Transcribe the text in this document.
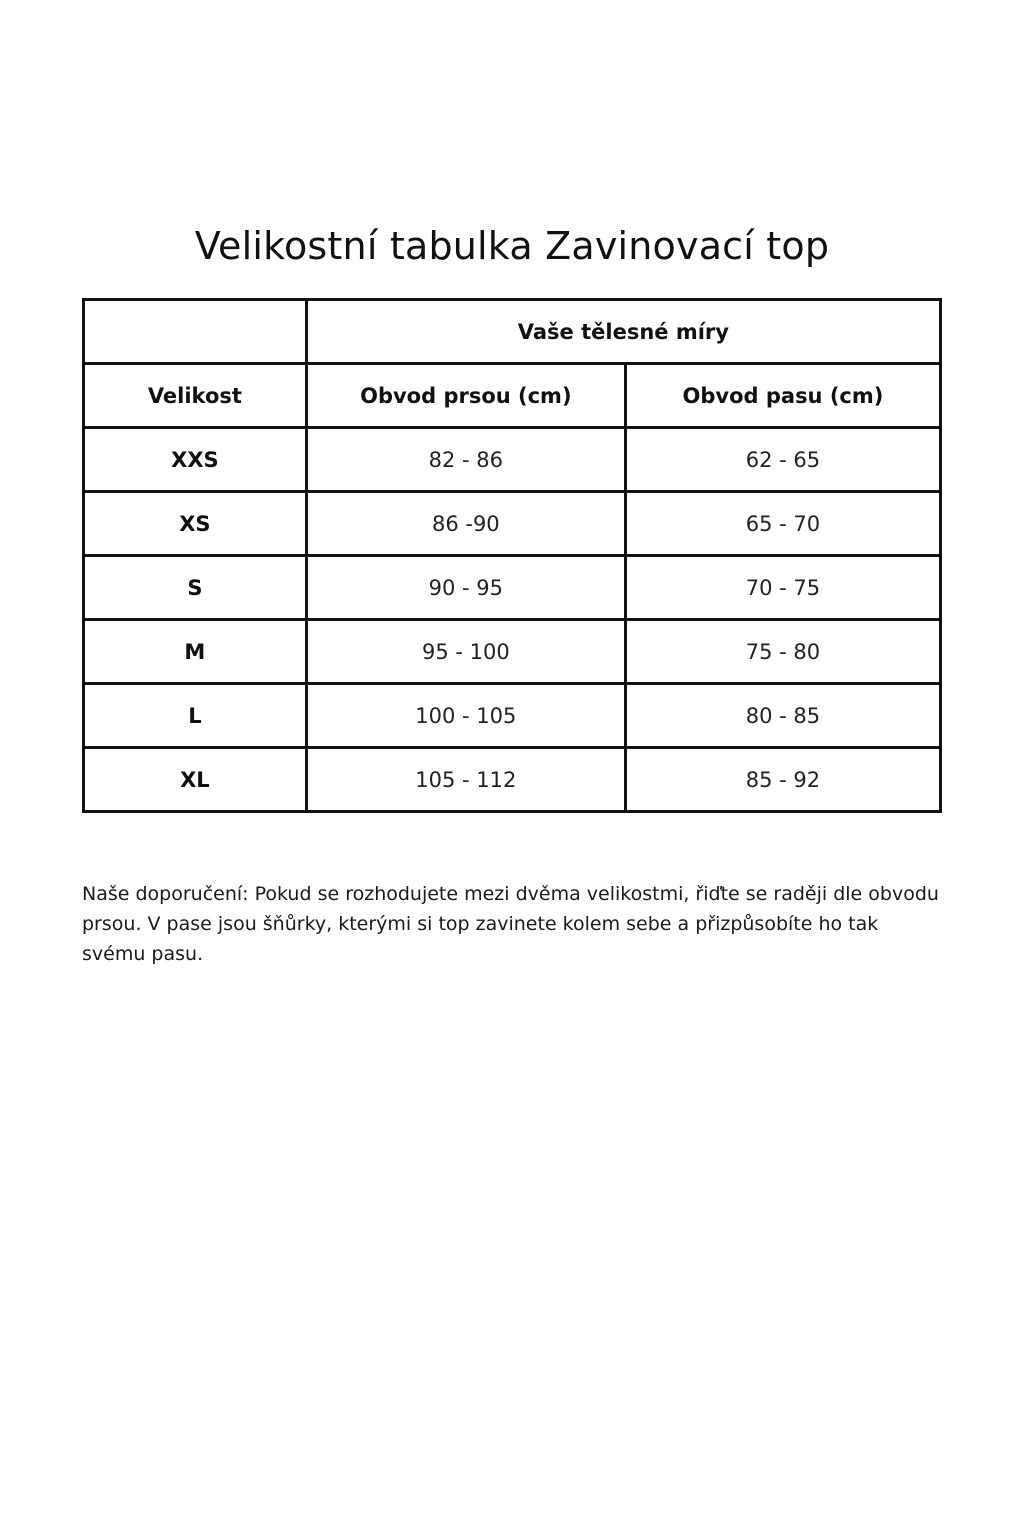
Velikostní tabulka Zavinovací top
	Vaše tělesné míry	
Velikost	Obvod prsou (cm)	Obvod pasu (cm)
XXS	82 - 86	62 - 65
XS	86 -90	65 - 70
S	90 - 95	70 - 75
M	95 - 100	75 - 80
L	100 - 105	80 - 85
XL	105 - 112	85 - 92

Naše doporučení: Pokud se rozhodujete mezi dvěma velikostmi, řiďte se raději dle obvodu prsou. V pase jsou šňůrky, kterými si top zavinete kolem sebe a přizpůsobíte ho tak svému pasu.
